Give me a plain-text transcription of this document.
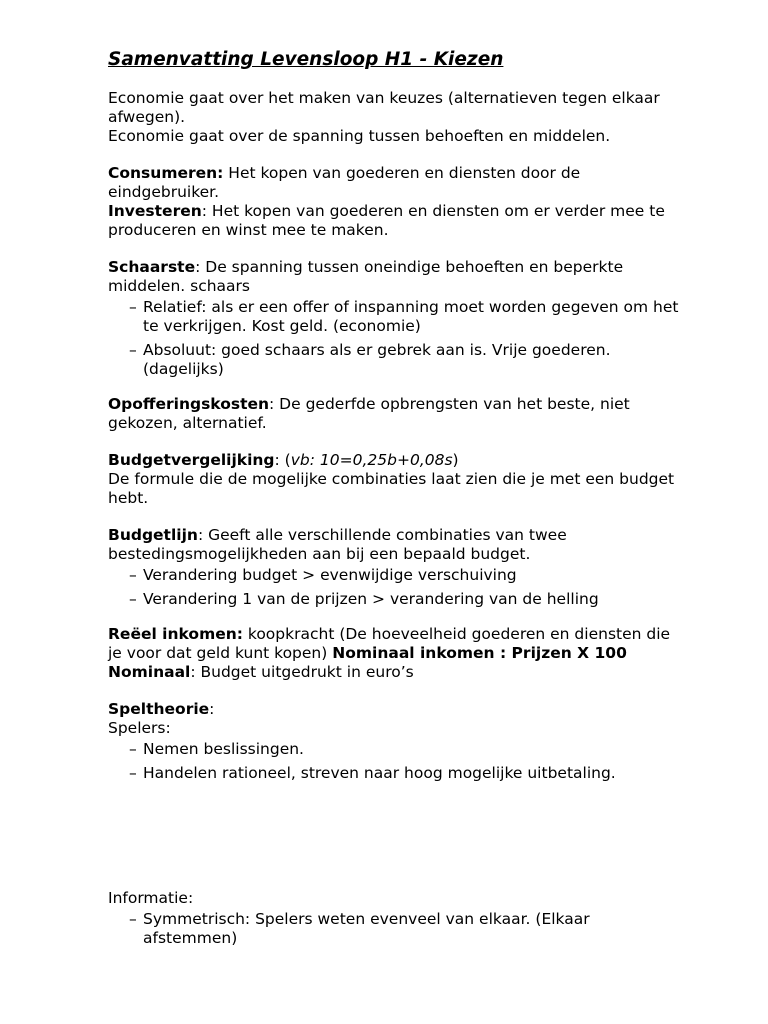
Samenvatting Levensloop H1 - Kiezen

Economie gaat over het maken van keuzes (alternatieven tegen elkaar afwegen).

Economie gaat over de spanning tussen behoeften en middelen.

Consumeren: Het kopen van goederen en diensten door de eindgebruiker.

Investeren: Het kopen van goederen en diensten om er verder mee te produceren en winst mee te maken.

Schaarste: De spanning tussen oneindige behoeften en beperkte middelen. schaars

– Relatief: als er een offer of inspanning moet worden gegeven om het te verkrijgen. Kost geld. (economie)
– Absoluut: goed schaars als er gebrek aan is. Vrije goederen. (dagelijks)

Opofferingskosten: De gederfde opbrengsten van het beste, niet gekozen, alternatief.

Budgetvergelijking: (vb: 10=0,25b+0,08s)

De formule die de mogelijke combinaties laat zien die je met een budget hebt.

Budgetlijn: Geeft alle verschillende combinaties van twee bestedingsmogelijkheden aan bij een bepaald budget.

– Verandering budget > evenwijdige verschuiving
– Verandering 1 van de prijzen > verandering van de helling

Reëel inkomen: koopkracht (De hoeveelheid goederen en diensten die je voor dat geld kunt kopen) Nominaal inkomen : Prijzen X 100

Nominaal: Budget uitgedrukt in euro’s

Speltheorie:

Spelers:

– Nemen beslissingen.
– Handelen rationeel, streven naar hoog mogelijke uitbetaling.

Informatie:

– Symmetrisch: Spelers weten evenveel van elkaar. (Elkaar afstemmen)
